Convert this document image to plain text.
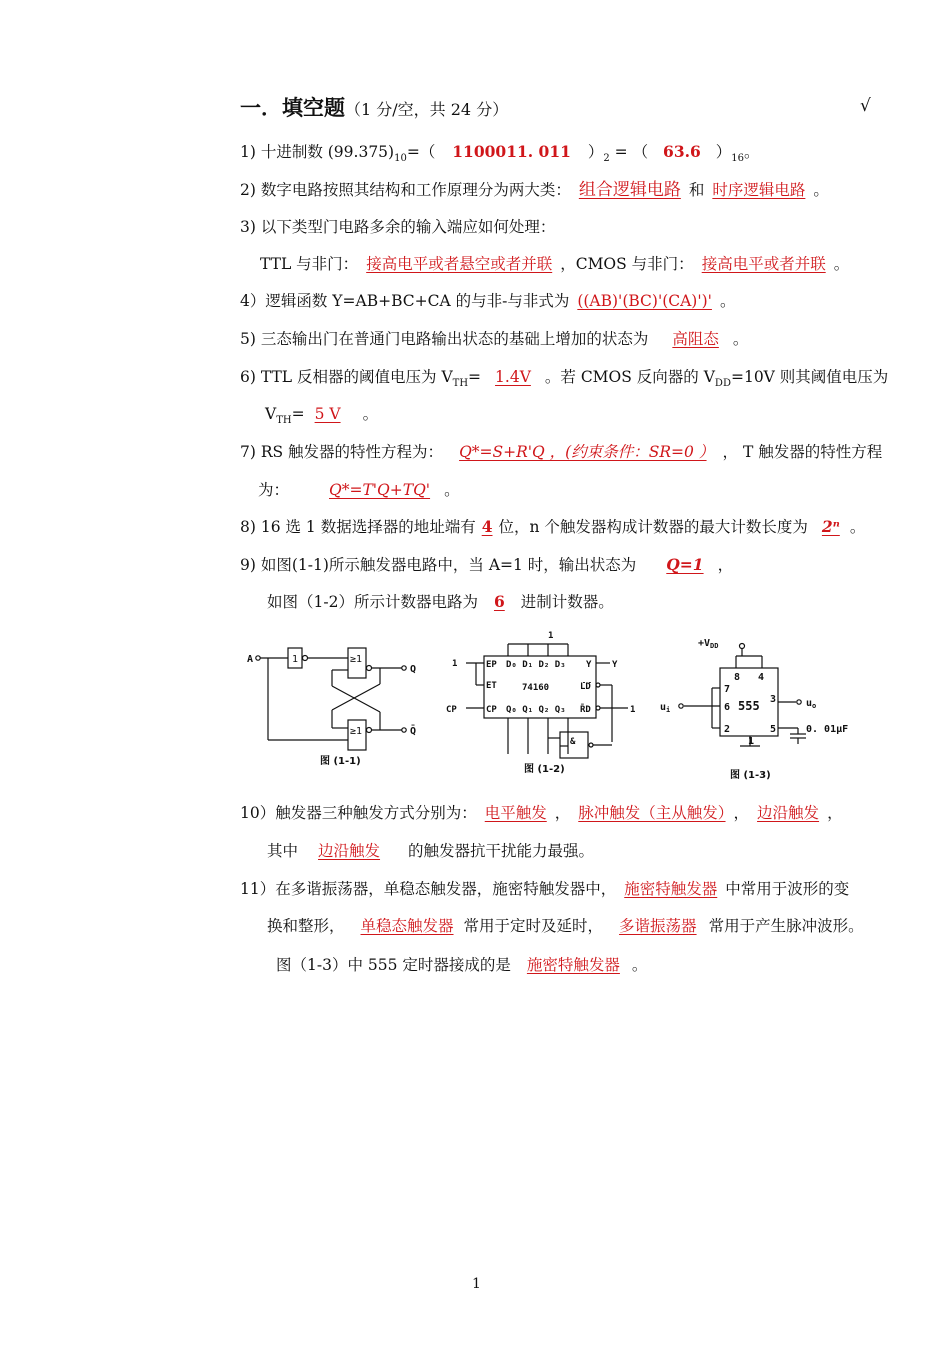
一．填空题（1 分/空，共 24 分）	√
1) 十进制数 $(99.375)_{10}=$（ 1100011. 011 ）$_2$ = （ 63.6 ）$_{16}$。
2) 数字电路按照其结构和工作原理分为两大类： 组合逻辑电路 和 时序逻辑电路 。
3) 以下类型门电路多余的输入端应如何处理：
TTL 与非门： 接高电平或者悬空或者并联 ，CMOS 与非门： 接高电平或者并联 。
4）逻辑函数 Y=AB+BC+CA 的与非-与非式为 ((AB)'(BC)'(CA)')' 。
5) 三态输出门在普通门电路输出状态的基础上增加的状态为 高阻态 。
6) TTL 反相器的阈值电压为 $V_{TH}= 1.4V$ 。若 CMOS 反向器的 $V_{DD}=10V$ 则其阈值电压为
$V_{TH}= 5$ V 。
7) RS 触发器的特性方程为： Q*=S+R'Q ，(约束条件：SR=0 ） ， T 触发器的特性方程
为：	Q*=T'Q+TQ' 。
8) 16 选 1 数据选择器的地址端有 4 位，n 个触发器构成计数器的最大计数长度为 2ⁿ 。
9) 如图(1-1)所示触发器电路中，当 A=1 时，输出状态为 Q=1 ，
如图（1-2）所示计数器电路为 6 进制计数器。
A	1	≥1
≥1
Q
Q̄
图 (1-1)
1
1
CP
EP
ET
CP
D₀ D₁ D₂ D₃
Q₀ Q₁ Q₂ Q₃
Y Y
74160	LD
R̄D	1
&
图 (1-2)
$+V_{DD}$
8 4
7
6 555 3
2	5
1
$u_i$
$u_o$
0. 01μF
图 (1-3)
10）触发器三种触发方式分别为： 电平触发 ， 脉冲触发（主从触发） ， 边沿触发 ，
其中 边沿触发 的触发器抗干扰能力最强。
11）在多谐振荡器，单稳态触发器，施密特触发器中， 施密特触发器 中常用于波形的变
换和整形， 单稳态触发器 常用于定时及延时， 多谐振荡器 常用于产生脉冲波形。
图（1-3）中 555 定时器接成的是 施密特触发器 。
1
